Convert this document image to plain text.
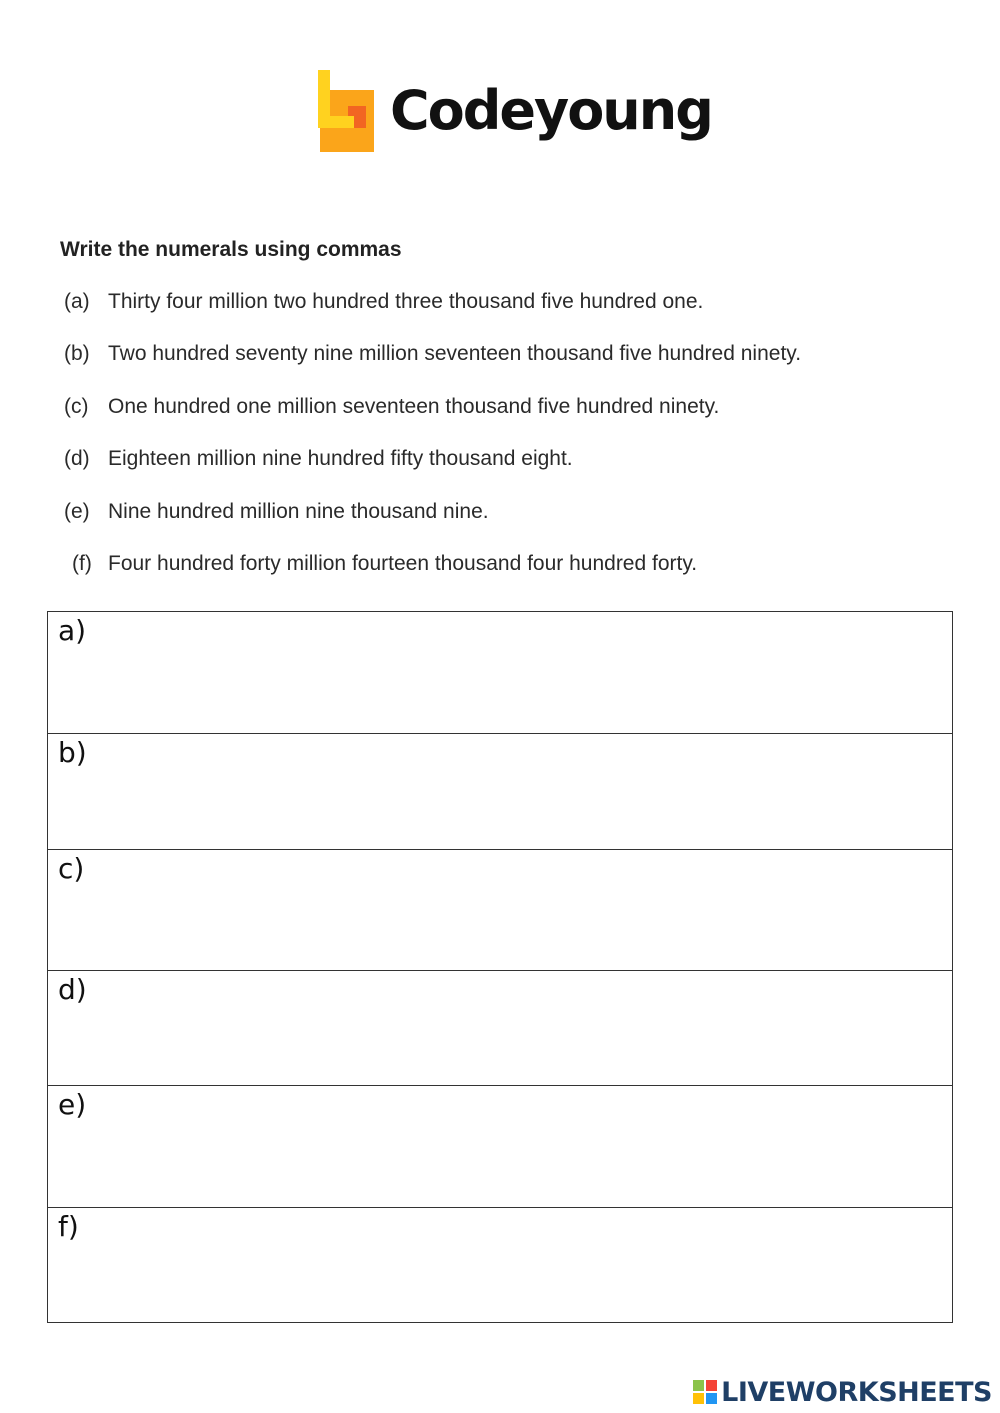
Codeyoung
Write the numerals using commas
(a) Thirty four million two hundred three thousand five hundred one.
(b) Two hundred seventy nine million seventeen thousand five hundred ninety.
(c) One hundred one million seventeen thousand five hundred ninety.
(d) Eighteen million nine hundred fifty thousand eight.
(e) Nine hundred million nine thousand nine.
(f) Four hundred forty million fourteen thousand four hundred forty.
a)
b)
c)
d)
e)
f)
LIVEWORKSHEETS
